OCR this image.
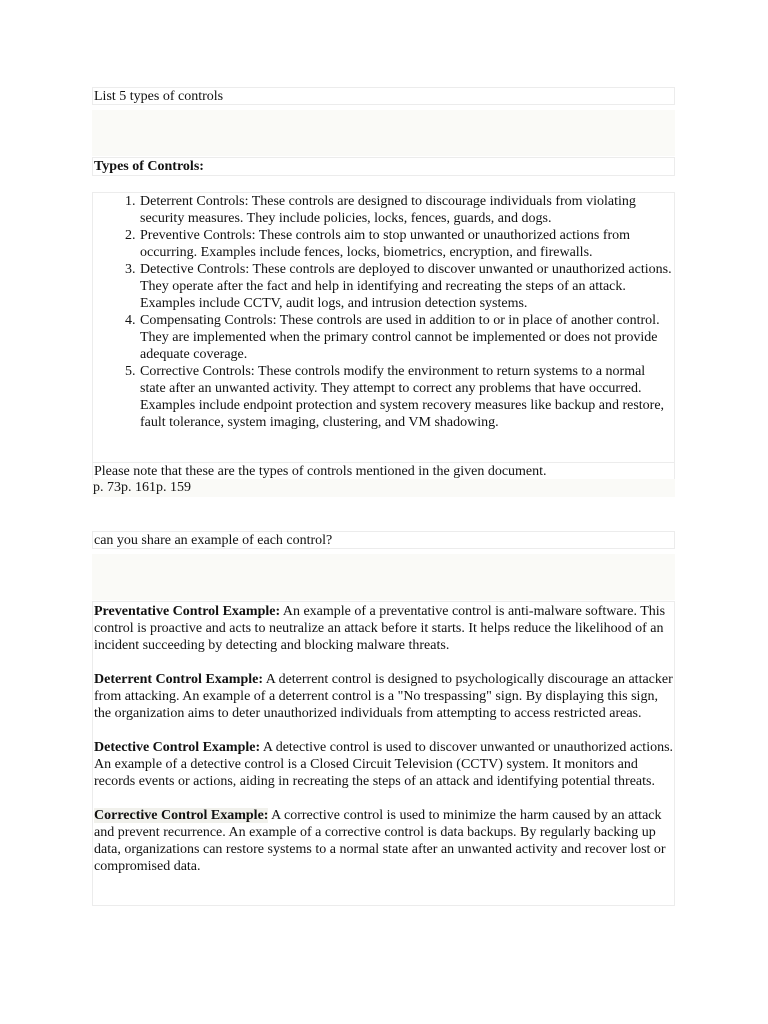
List 5 types of controls
Types of Controls:
1. Deterrent Controls: These controls are designed to discourage individuals from violating security measures. They include policies, locks, fences, guards, and dogs.
2. Preventive Controls: These controls aim to stop unwanted or unauthorized actions from occurring. Examples include fences, locks, biometrics, encryption, and firewalls.
3. Detective Controls: These controls are deployed to discover unwanted or unauthorized actions. They operate after the fact and help in identifying and recreating the steps of an attack. Examples include CCTV, audit logs, and intrusion detection systems.
4. Compensating Controls: These controls are used in addition to or in place of another control. They are implemented when the primary control cannot be implemented or does not provide adequate coverage.
5. Corrective Controls: These controls modify the environment to return systems to a normal state after an unwanted activity. They attempt to correct any problems that have occurred. Examples include endpoint protection and system recovery measures like backup and restore, fault tolerance, system imaging, clustering, and VM shadowing.
Please note that these are the types of controls mentioned in the given document.
p. 73p. 161p. 159
can you share an example of each control?

Preventative Control Example: An example of a preventative control is anti-malware software. This control is proactive and acts to neutralize an attack before it starts. It helps reduce the likelihood of an incident succeeding by detecting and blocking malware threats.

Deterrent Control Example: A deterrent control is designed to psychologically discourage an attacker from attacking. An example of a deterrent control is a "No trespassing" sign. By displaying this sign, the organization aims to deter unauthorized individuals from attempting to access restricted areas.

Detective Control Example: A detective control is used to discover unwanted or unauthorized actions. An example of a detective control is a Closed Circuit Television (CCTV) system. It monitors and records events or actions, aiding in recreating the steps of an attack and identifying potential threats.

Corrective Control Example: A corrective control is used to minimize the harm caused by an attack and prevent recurrence. An example of a corrective control is data backups. By regularly backing up data, organizations can restore systems to a normal state after an unwanted activity and recover lost or compromised data.
